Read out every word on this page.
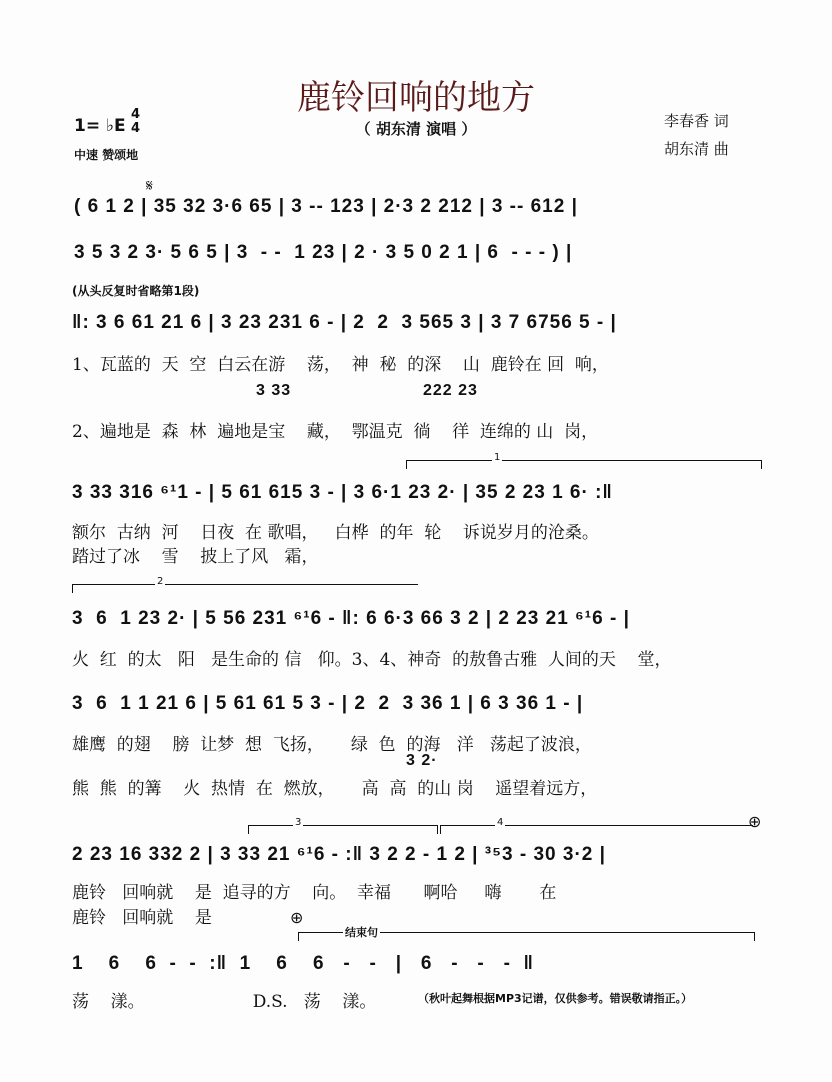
鹿铃回响的地方
（ 胡东清 演唱 ）
1= ♭E
4
4
中速 赞颂地
李春香 词
胡东清 曲
𝄋
( 6 1 2 | 35 32 3·6 65 | 3 -- 123 | 2·3 2 212 | 3 -- 612 |
3 5 3 2 3· 5 6 5 | 3  - -  1 23 | 2 · 3 5 0 2 1 | 6  - - - ) |
(从头反复时省略第1段)
‖: 3 6 61 21 6 | 3 23 231 6 - | 2  2  3 565 3 | 3 7 6756 5 - |
1、瓦蓝的  天  空  白云在游    荡，  神  秘  的深    山  鹿铃在 回  响，
3 33	222 23
2、遍地是  森  林  遍地是宝    藏，  鄂温克  徜    徉  连绵的 山  岗，
1
3 33 316 ⁶¹1 - | 5 61 615 3 - | 3 6·1 23 2· | 35 2 23 1 6· :‖
额尔  古纳  河    日夜  在 歌唱，   白桦  的年  轮    诉说岁月的沧桑。
踏过了冰    雪    披上了风   霜，
2
3  6  1 23 2· | 5 56 231 ⁶¹6 - ‖: 6 6·3 66 3 2 | 2 23 21 ⁶¹6 - |
火  红  的太   阳   是生命的 信   仰。3、4、神奇  的敖鲁古雅  人间的天    堂，
3  6  1 1 21 6 | 5 61 61 5 3 - | 2  2  3 36 1 | 6 3 36 1 - |
雄鹰  的翅    膀  让梦  想  飞扬，     绿  色  的海   洋   荡起了波浪，
3 2·
熊  熊  的篝    火  热情  在  燃放，     高  高  的山 岗    遥望着远方，
3	4	⊕
2 23 16 332 2 | 3 33 21 ⁶¹6 - :‖ 3 2 2 - 1 2 | ³⁵3 - 30 3·2 |
鹿铃   回响就    是  追寻的方    向。  幸福      啊哈     嗨       在
鹿铃   回响就    是	⊕
结束句
1    6    6  -  -  :‖  1    6    6   -   -   |   6   -   -   -  ‖
荡    漾。                    D.S.   荡    漾。	（秋叶起舞根据MP3记谱，仅供参考。错误敬请指正。）
